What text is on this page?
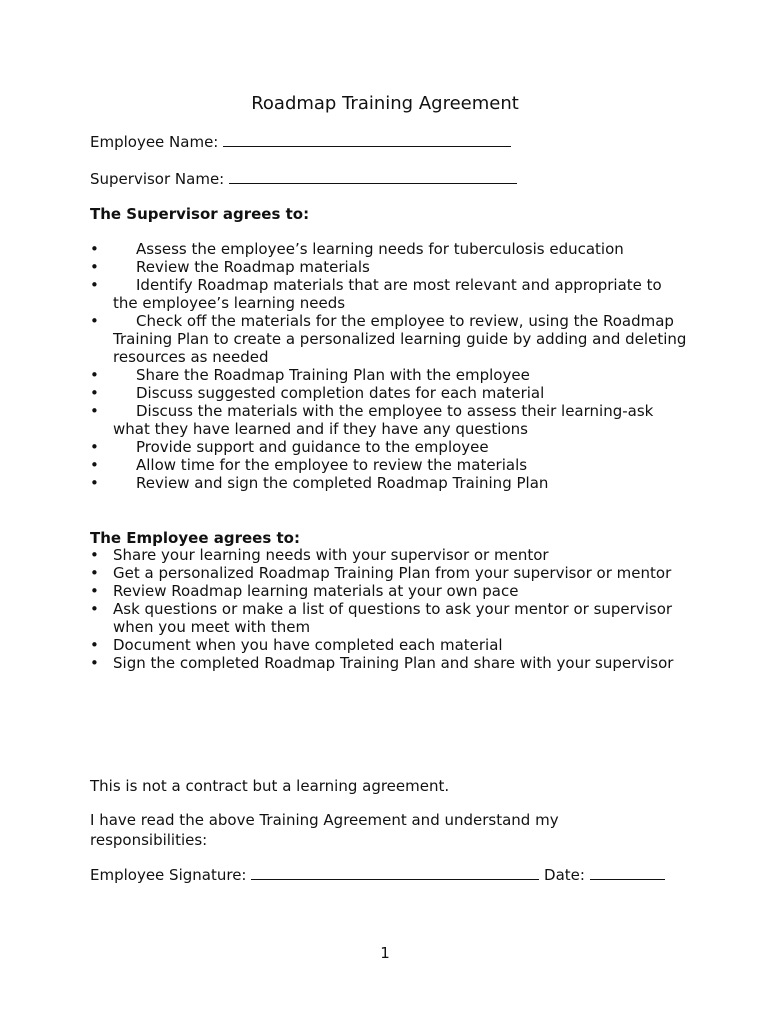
Roadmap Training Agreement
Employee Name:
Supervisor Name:
The Supervisor agrees to:
• Assess the employee’s learning needs for tuberculosis education
• Review the Roadmap materials
• Identify Roadmap materials that are most relevant and appropriate to the employee’s learning needs
• Check off the materials for the employee to review, using the Roadmap Training Plan to create a personalized learning guide by adding and deleting resources as needed
• Share the Roadmap Training Plan with the employee
• Discuss suggested completion dates for each material
• Discuss the materials with the employee to assess their learning-ask what they have learned and if they have any questions
• Provide support and guidance to the employee
• Allow time for the employee to review the materials
• Review and sign the completed Roadmap Training Plan
The Employee agrees to:
• Share your learning needs with your supervisor or mentor
• Get a personalized Roadmap Training Plan from your supervisor or mentor
• Review Roadmap learning materials at your own pace
• Ask questions or make a list of questions to ask your mentor or supervisor when you meet with them
• Document when you have completed each material
• Sign the completed Roadmap Training Plan and share with your supervisor
This is not a contract but a learning agreement.
I have read the above Training Agreement and understand my responsibilities:
Employee Signature:	Date:
1
